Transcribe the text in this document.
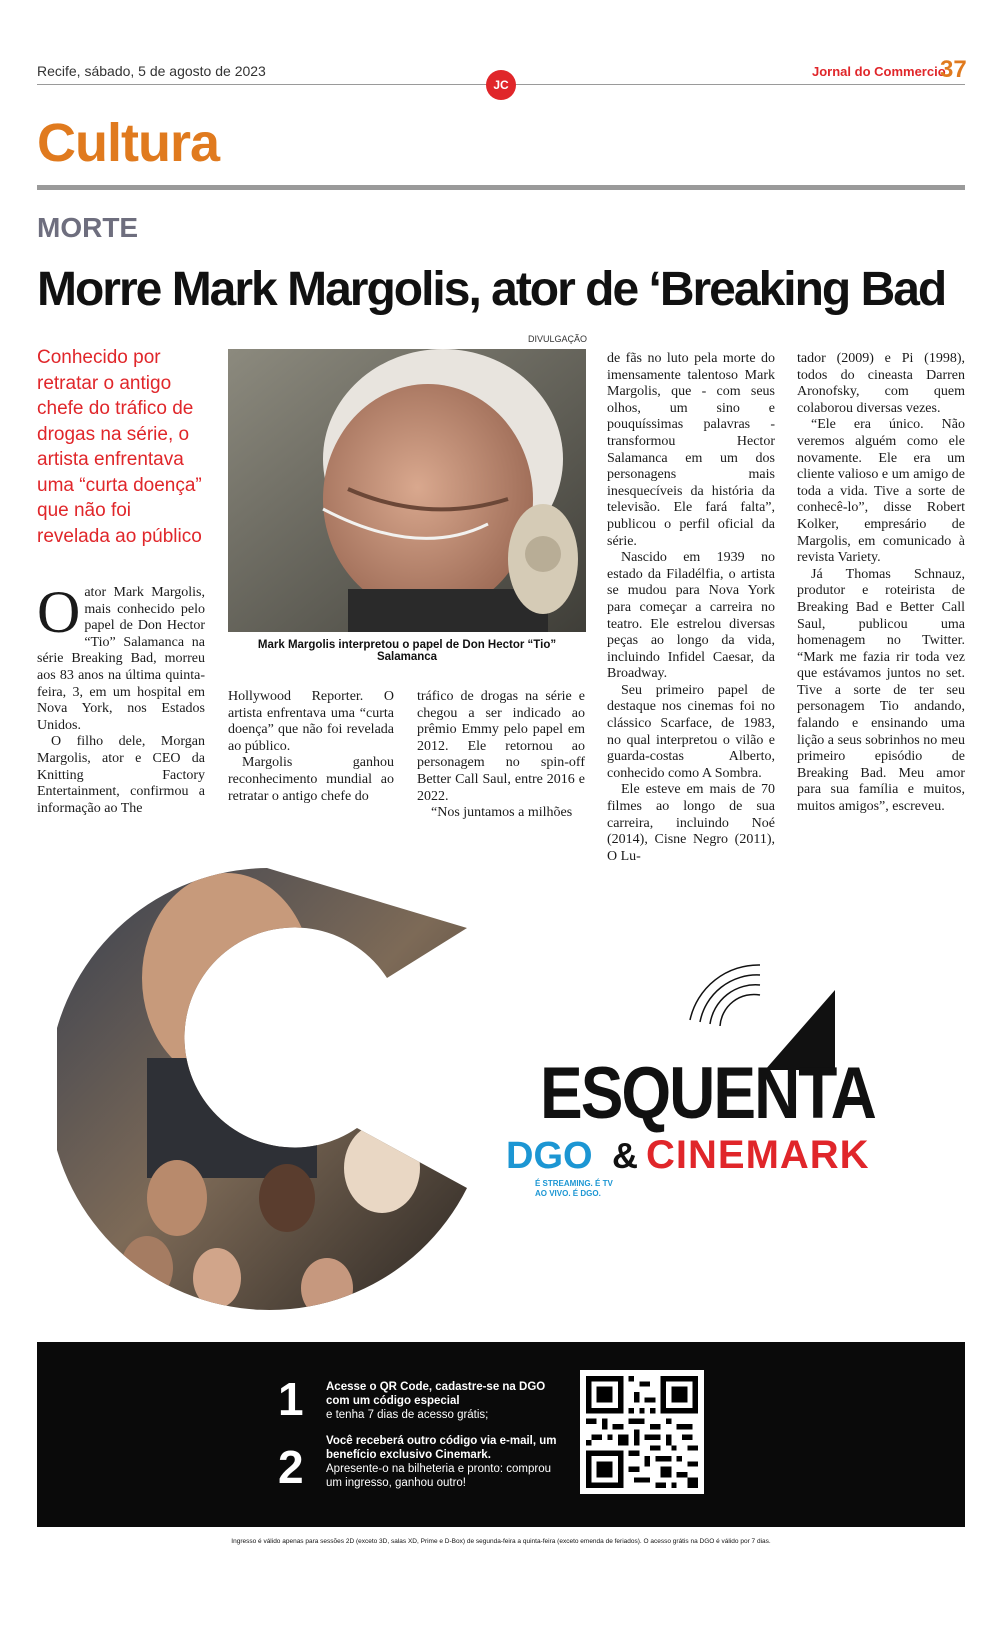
Recife, sábado, 5 de agosto de 2023
JC
Jornal do Commercio
37
Cultura
MORTE
Morre Mark Margolis, ator de ‘Breaking Bad
Conhecido por retratar o antigo chefe do tráfico de drogas na série, o artista enfrentava uma “curta doença” que não foi revelada ao público
DIVULGAÇÃO
Mark Margolis interpretou o papel de Don Hector “Tio” Salamanca

Oator Mark Margolis, mais conhecido pelo papel de Don Hector “Tio” Salamanca na série Breaking Bad, morreu aos 83 anos na última quinta-feira, 3, em um hospital em Nova York, nos Estados Unidos.

O filho dele, Morgan Margolis, ator e CEO da Knitting Factory Entertainment, confirmou a informação ao The

Hollywood Reporter. O artista enfrentava uma “curta doença” que não foi revelada ao público.

Margolis ganhou reconhecimento mundial ao retratar o antigo chefe do

tráfico de drogas na série e chegou a ser indicado ao prêmio Emmy pelo papel em 2012. Ele retornou ao personagem no spin-off Better Call Saul, entre 2016 e 2022.

“Nos juntamos a milhões

de fãs no luto pela morte do imensamente talentoso Mark Margolis, que - com seus olhos, um sino e pouquíssimas palavras - transformou Hector Salamanca em um dos personagens mais inesquecíveis da história da televisão. Ele fará falta”, publicou o perfil oficial da série.

Nascido em 1939 no estado da Filadélfia, o artista se mudou para Nova York para começar a carreira no teatro. Ele estrelou diversas peças ao longo da vida, incluindo Infidel Caesar, da Broadway.

Seu primeiro papel de destaque nos cinemas foi no clássico Scarface, de 1983, no qual interpretou o vilão e guarda-costas Alberto, conhecido como A Sombra.

Ele esteve em mais de 70 filmes ao longo de sua carreira, incluindo Noé (2014), Cisne Negro (2011), O Lu-

tador (2009) e Pi (1998), todos do cineasta Darren Aronofsky, com quem colaborou diversas vezes.

“Ele era único. Não veremos alguém como ele novamente. Ele era um cliente valioso e um amigo de toda a vida. Tive a sorte de conhecê-lo”, disse Robert Kolker, empresário de Margolis, em comunicado à revista Variety.

Já Thomas Schnauz, produtor e roteirista de Breaking Bad e Better Call Saul, publicou uma homenagem no Twitter. “Mark me fazia rir toda vez que estávamos juntos no set. Tive a sorte de ter seu personagem Tio andando, falando e ensinando uma lição a seus sobrinhos no meu primeiro episódio de Breaking Bad. Meu amor para sua família e muitos, muitos amigos”, escreveu.

ESQUENTA
DGO & CINEMARK
É STREAMING. É TV AO VIVO. É DGO.
1 Acesse o QR Code, cadastre-se na DGO com um código especial
e tenha 7 dias de acesso grátis;
2 Você receberá outro código via e-mail, um benefício exclusivo Cinemark.
Apresente-o na bilheteria e pronto: comprou um ingresso, ganhou outro!
Ingresso é válido apenas para sessões 2D (exceto 3D, salas XD, Prime e D-Box) de segunda-feira a quinta-feira (exceto emenda de feriados). O acesso grátis na DGO é válido por 7 dias.
